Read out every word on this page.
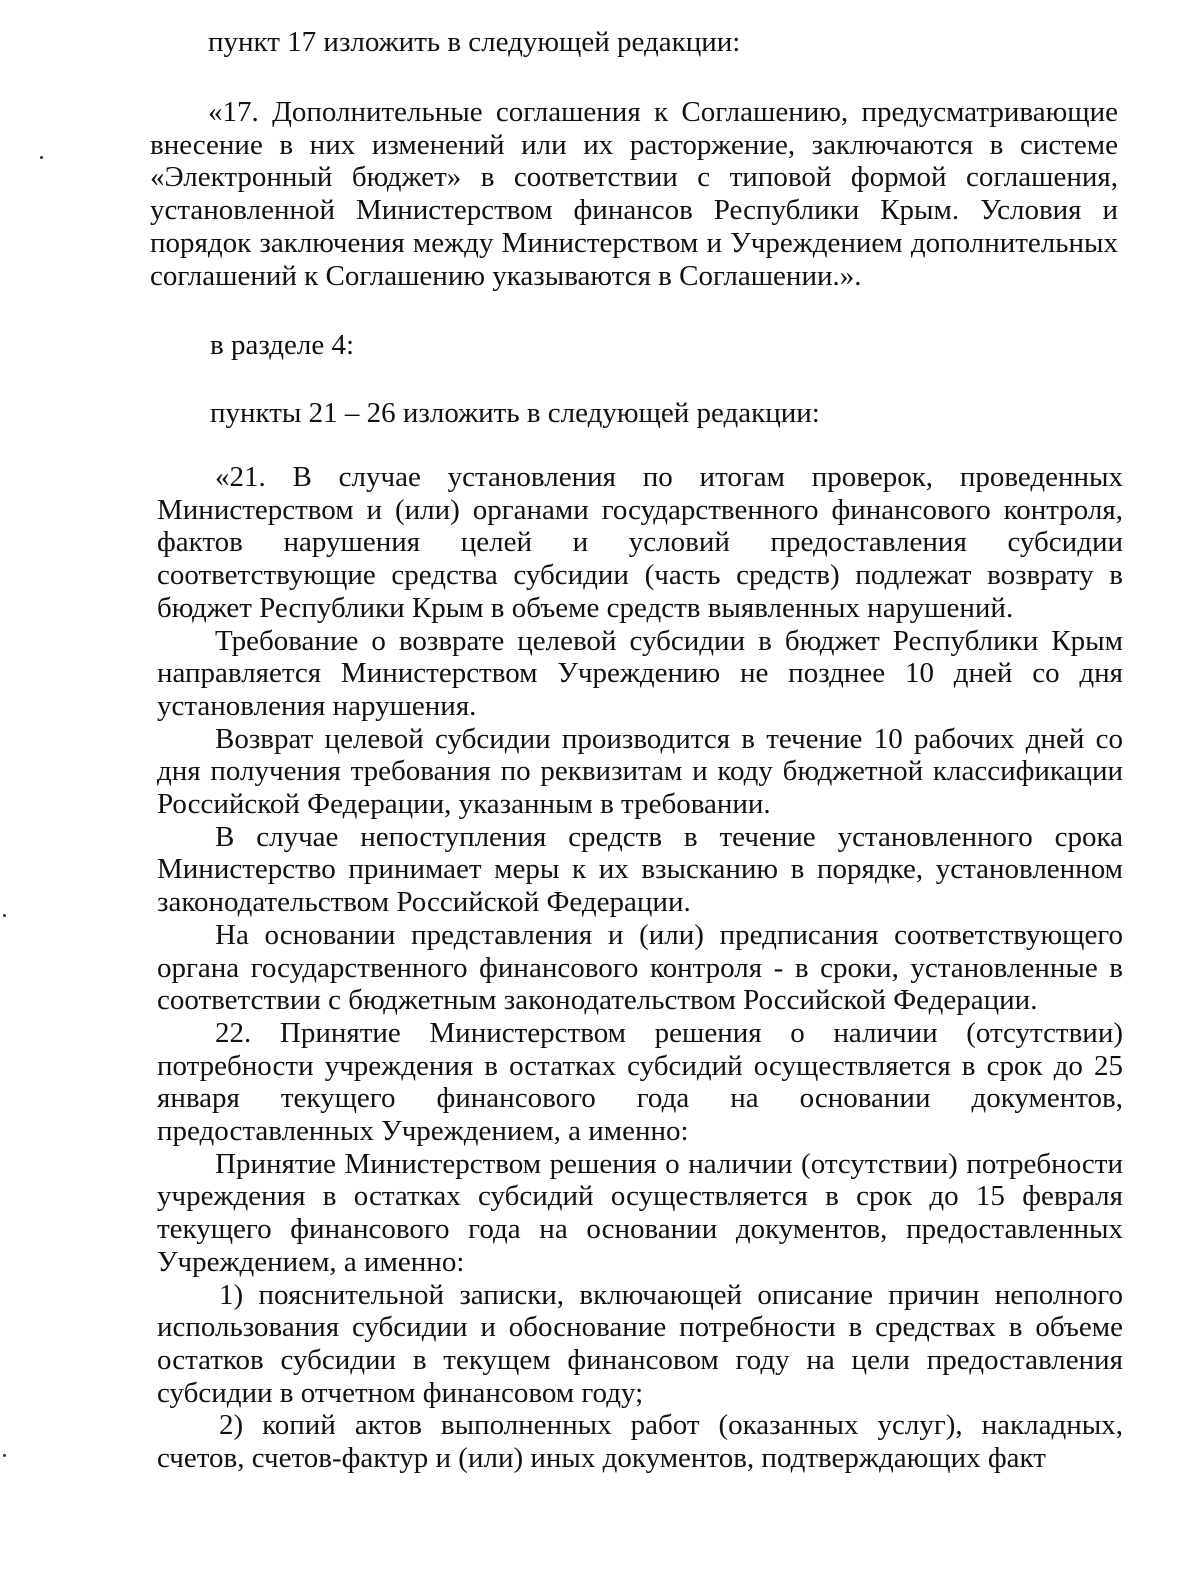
пункт 17 изложить в следующей редакции:

«17. Дополнительные соглашения к Соглашению, предусматривающие внесение в них изменений или их расторжение, заключаются в системе «Электронный бюджет» в соответствии с типовой формой соглашения, установленной Министерством финансов Республики Крым. Условия и порядок заключения между Министерством и Учреждением дополнительных соглашений к Соглашению указываются в Соглашении.».

в разделе 4:

пункты 21 – 26 изложить в следующей редакции:

«21. В случае установления по итогам проверок, проведенных Министерством и (или) органами государственного финансового контроля, фактов нарушения целей и условий предоставления субсидии соответствующие средства субсидии (часть средств) подлежат возврату в бюджет Республики Крым в объеме средств выявленных нарушений.

Требование о возврате целевой субсидии в бюджет Республики Крым направляется Министерством Учреждению не позднее 10 дней со дня установления нарушения.

Возврат целевой субсидии производится в течение 10 рабочих дней со дня получения требования по реквизитам и коду бюджетной классификации Российской Федерации, указанным в требовании.

В случае непоступления средств в течение установленного срока Министерство принимает меры к их взысканию в порядке, установленном законодательством Российской Федерации.

На основании представления и (или) предписания соответствующего органа государственного финансового контроля - в сроки, установленные в соответствии с бюджетным законодательством Российской Федерации.

22. Принятие Министерством решения о наличии (отсутствии) потребности учреждения в остатках субсидий осуществляется в срок до 25 января текущего финансового года на основании документов, предоставленных Учреждением, а именно:

Принятие Министерством решения о наличии (отсутствии) потребности учреждения в остатках субсидий осуществляется в срок до 15 февраля текущего финансового года на основании документов, предоставленных Учреждением, а именно:

1) пояснительной записки, включающей описание причин неполного использования субсидии и обоснование потребности в средствах в объеме остатков субсидии в текущем финансовом году на цели предоставления субсидии в отчетном финансовом году;

2) копий актов выполненных работ (оказанных услуг), накладных, счетов, счетов-фактур и (или) иных документов, подтверждающих факт
